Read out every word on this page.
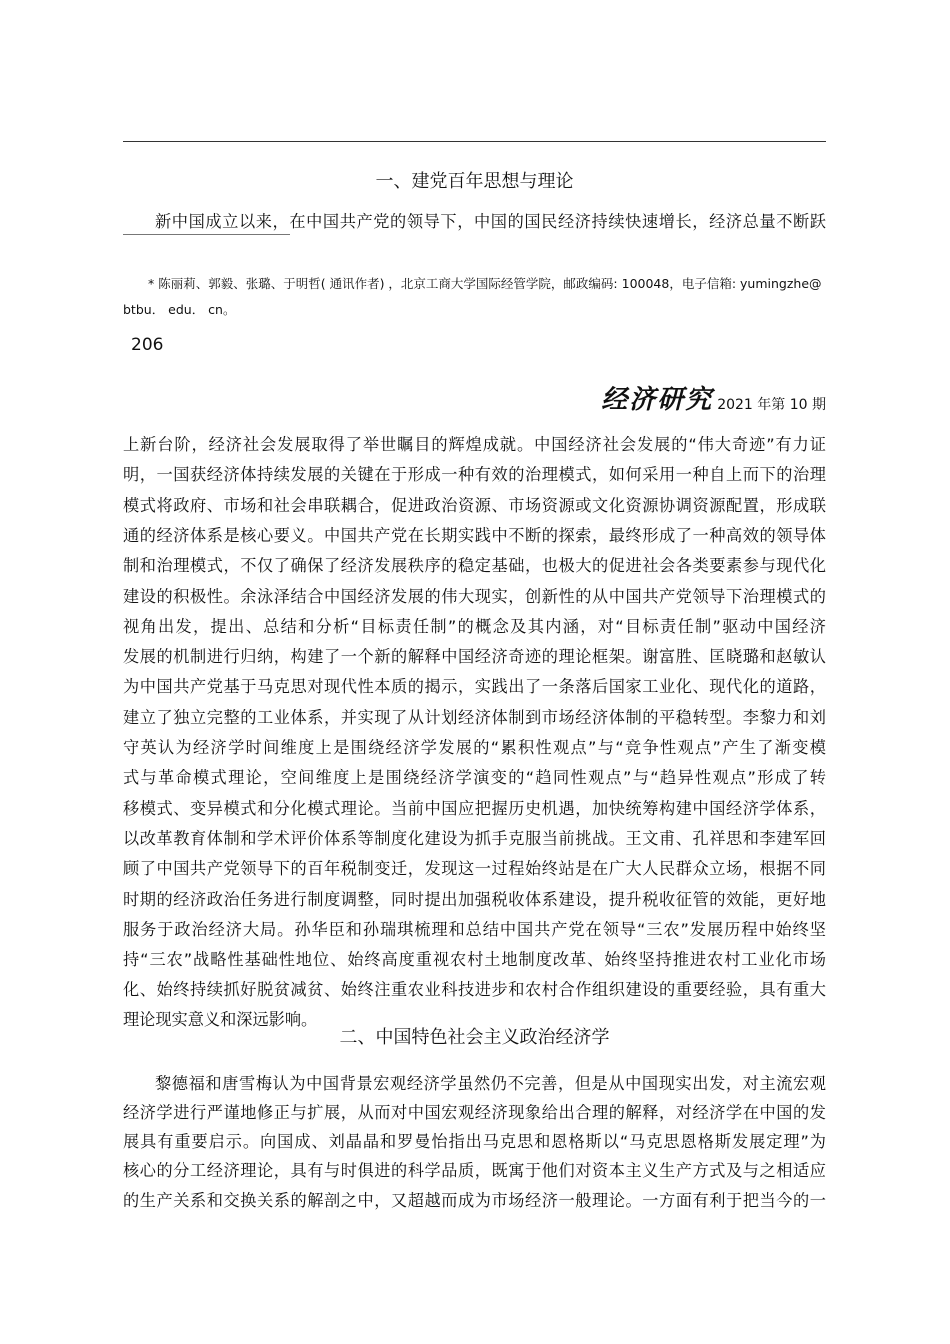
一、建党百年思想与理论
新中国成立以来，在中国共产党的领导下，中国的国民经济持续快速增长，经济总量不断跃
* 陈丽莉、郭毅、张璐、于明哲( 通讯作者) ，北京工商大学国际经管学院，邮政编码: 100048，电子信箱: yumingzhe@
btbu． edu． cn。
206
经济研究 2021 年第 10 期
上新台阶，经济社会发展取得了举世瞩目的辉煌成就。中国经济社会发展的“伟大奇迹”有力证
明，一国获经济体持续发展的关键在于形成一种有效的治理模式，如何采用一种自上而下的治理
模式将政府、市场和社会串联耦合，促进政治资源、市场资源或文化资源协调资源配置，形成联
通的经济体系是核心要义。中国共产党在长期实践中不断的探索，最终形成了一种高效的领导体
制和治理模式，不仅了确保了经济发展秩序的稳定基础，也极大的促进社会各类要素参与现代化
建设的积极性。余泳泽结合中国经济发展的伟大现实，创新性的从中国共产党领导下治理模式的
视角出发，提出、总结和分析“目标责任制”的概念及其内涵，对“目标责任制”驱动中国经济
发展的机制进行归纳，构建了一个新的解释中国经济奇迹的理论框架。谢富胜、匡晓璐和赵敏认
为中国共产党基于马克思对现代性本质的揭示，实践出了一条落后国家工业化、现代化的道路，
建立了独立完整的工业体系，并实现了从计划经济体制到市场经济体制的平稳转型。李黎力和刘
守英认为经济学时间维度上是围绕经济学发展的“累积性观点”与“竞争性观点”产生了渐变模
式与革命模式理论，空间维度上是围绕经济学演变的“趋同性观点”与“趋异性观点”形成了转
移模式、变异模式和分化模式理论。当前中国应把握历史机遇，加快统筹构建中国经济学体系，
以改革教育体制和学术评价体系等制度化建设为抓手克服当前挑战。王文甫、孔祥思和李建军回
顾了中国共产党领导下的百年税制变迁，发现这一过程始终站是在广大人民群众立场，根据不同
时期的经济政治任务进行制度调整，同时提出加强税收体系建设，提升税收征管的效能，更好地
服务于政治经济大局。孙华臣和孙瑞琪梳理和总结中国共产党在领导“三农”发展历程中始终坚
持“三农”战略性基础性地位、始终高度重视农村土地制度改革、始终坚持推进农村工业化市场
化、始终持续抓好脱贫减贫、始终注重农业科技进步和农村合作组织建设的重要经验，具有重大
理论现实意义和深远影响。
二、中国特色社会主义政治经济学
黎德福和唐雪梅认为中国背景宏观经济学虽然仍不完善，但是从中国现实出发，对主流宏观
经济学进行严谨地修正与扩展，从而对中国宏观经济现象给出合理的解释，对经济学在中国的发
展具有重要启示。向国成、刘晶晶和罗曼怡指出马克思和恩格斯以“马克思恩格斯发展定理”为
核心的分工经济理论，具有与时俱进的科学品质，既寓于他们对资本主义生产方式及与之相适应
的生产关系和交换关系的解剖之中，又超越而成为市场经济一般理论。一方面有利于把当今的一
